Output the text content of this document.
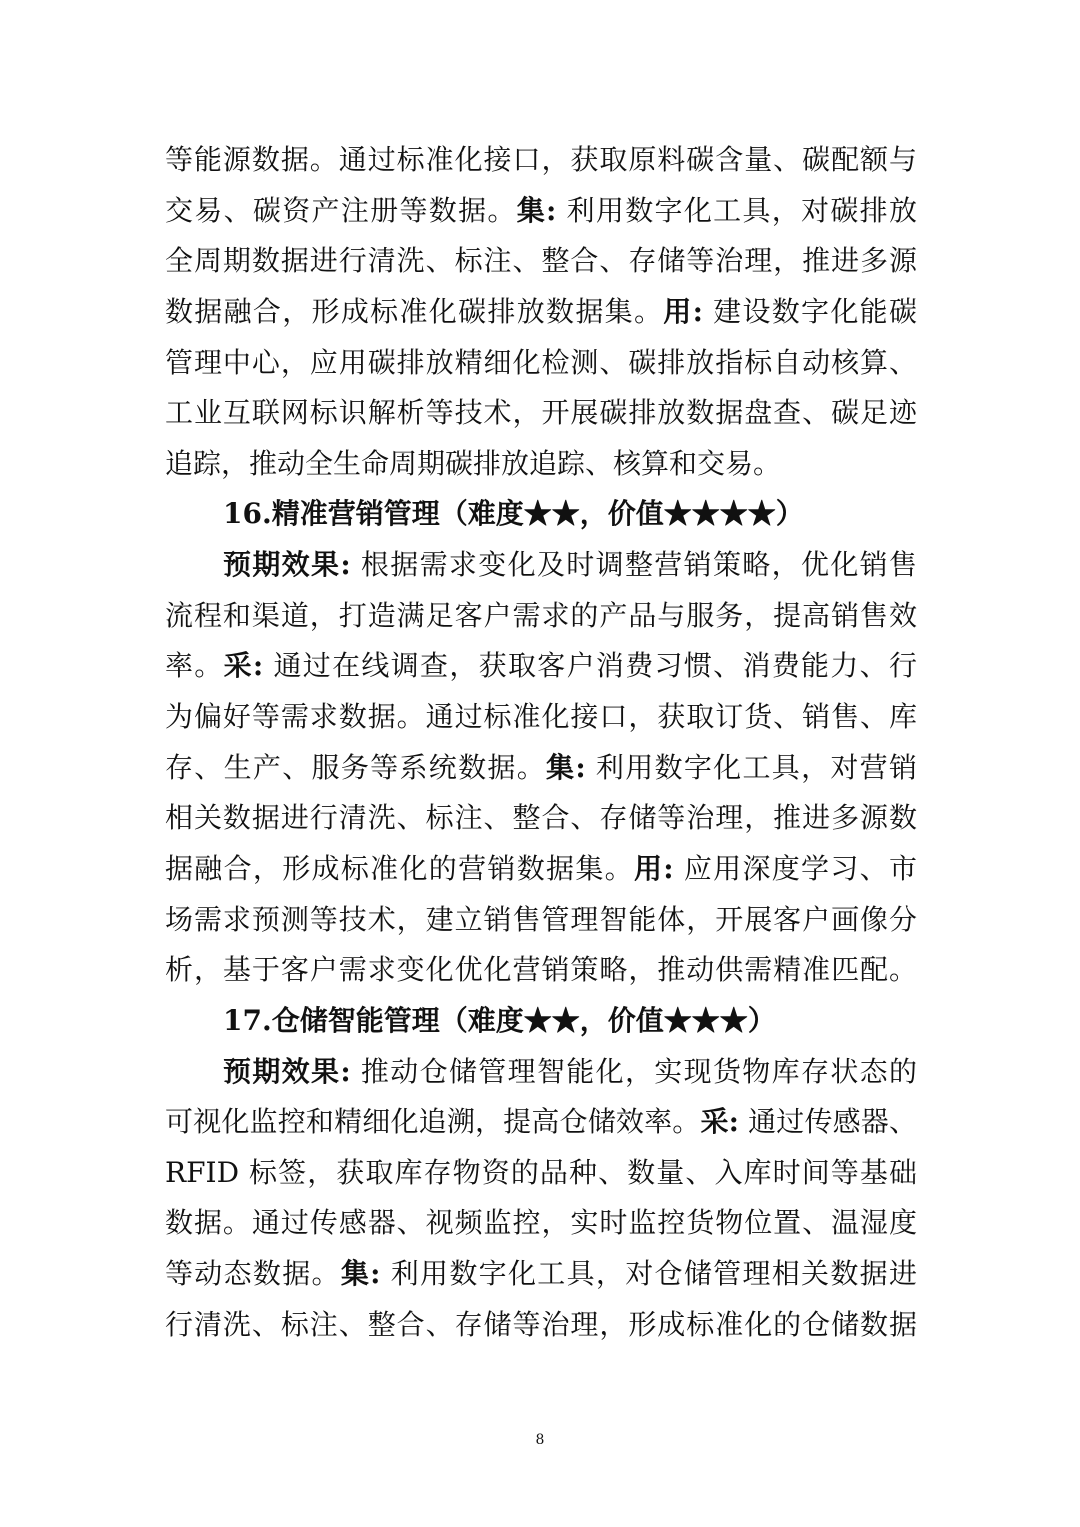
等能源数据。通过标准化接口，获取原料碳含量、碳配额与
交易、碳资产注册等数据。集: 利用数字化工具，对碳排放
全周期数据进行清洗、标注、整合、存储等治理，推进多源
数据融合，形成标准化碳排放数据集。用: 建设数字化能碳
管理中心，应用碳排放精细化检测、碳排放指标自动核算、
工业互联网标识解析等技术，开展碳排放数据盘查、碳足迹
追踪，推动全生命周期碳排放追踪、核算和交易。
16.精准营销管理（难度★★，价值★★★★）
预期效果: 根据需求变化及时调整营销策略，优化销售
流程和渠道，打造满足客户需求的产品与服务，提高销售效
率。采: 通过在线调查，获取客户消费习惯、消费能力、行
为偏好等需求数据。通过标准化接口，获取订货、销售、库
存、生产、服务等系统数据。集: 利用数字化工具，对营销
相关数据进行清洗、标注、整合、存储等治理，推进多源数
据融合，形成标准化的营销数据集。用: 应用深度学习、市
场需求预测等技术，建立销售管理智能体，开展客户画像分
析，基于客户需求变化优化营销策略，推动供需精准匹配。
17.仓储智能管理（难度★★，价值★★★）
预期效果: 推动仓储管理智能化，实现货物库存状态的
可视化监控和精细化追溯，提高仓储效率。采: 通过传感器、
RFID 标签，获取库存物资的品种、数量、入库时间等基础
数据。通过传感器、视频监控，实时监控货物位置、温湿度
等动态数据。集: 利用数字化工具，对仓储管理相关数据进
行清洗、标注、整合、存储等治理，形成标准化的仓储数据
8
